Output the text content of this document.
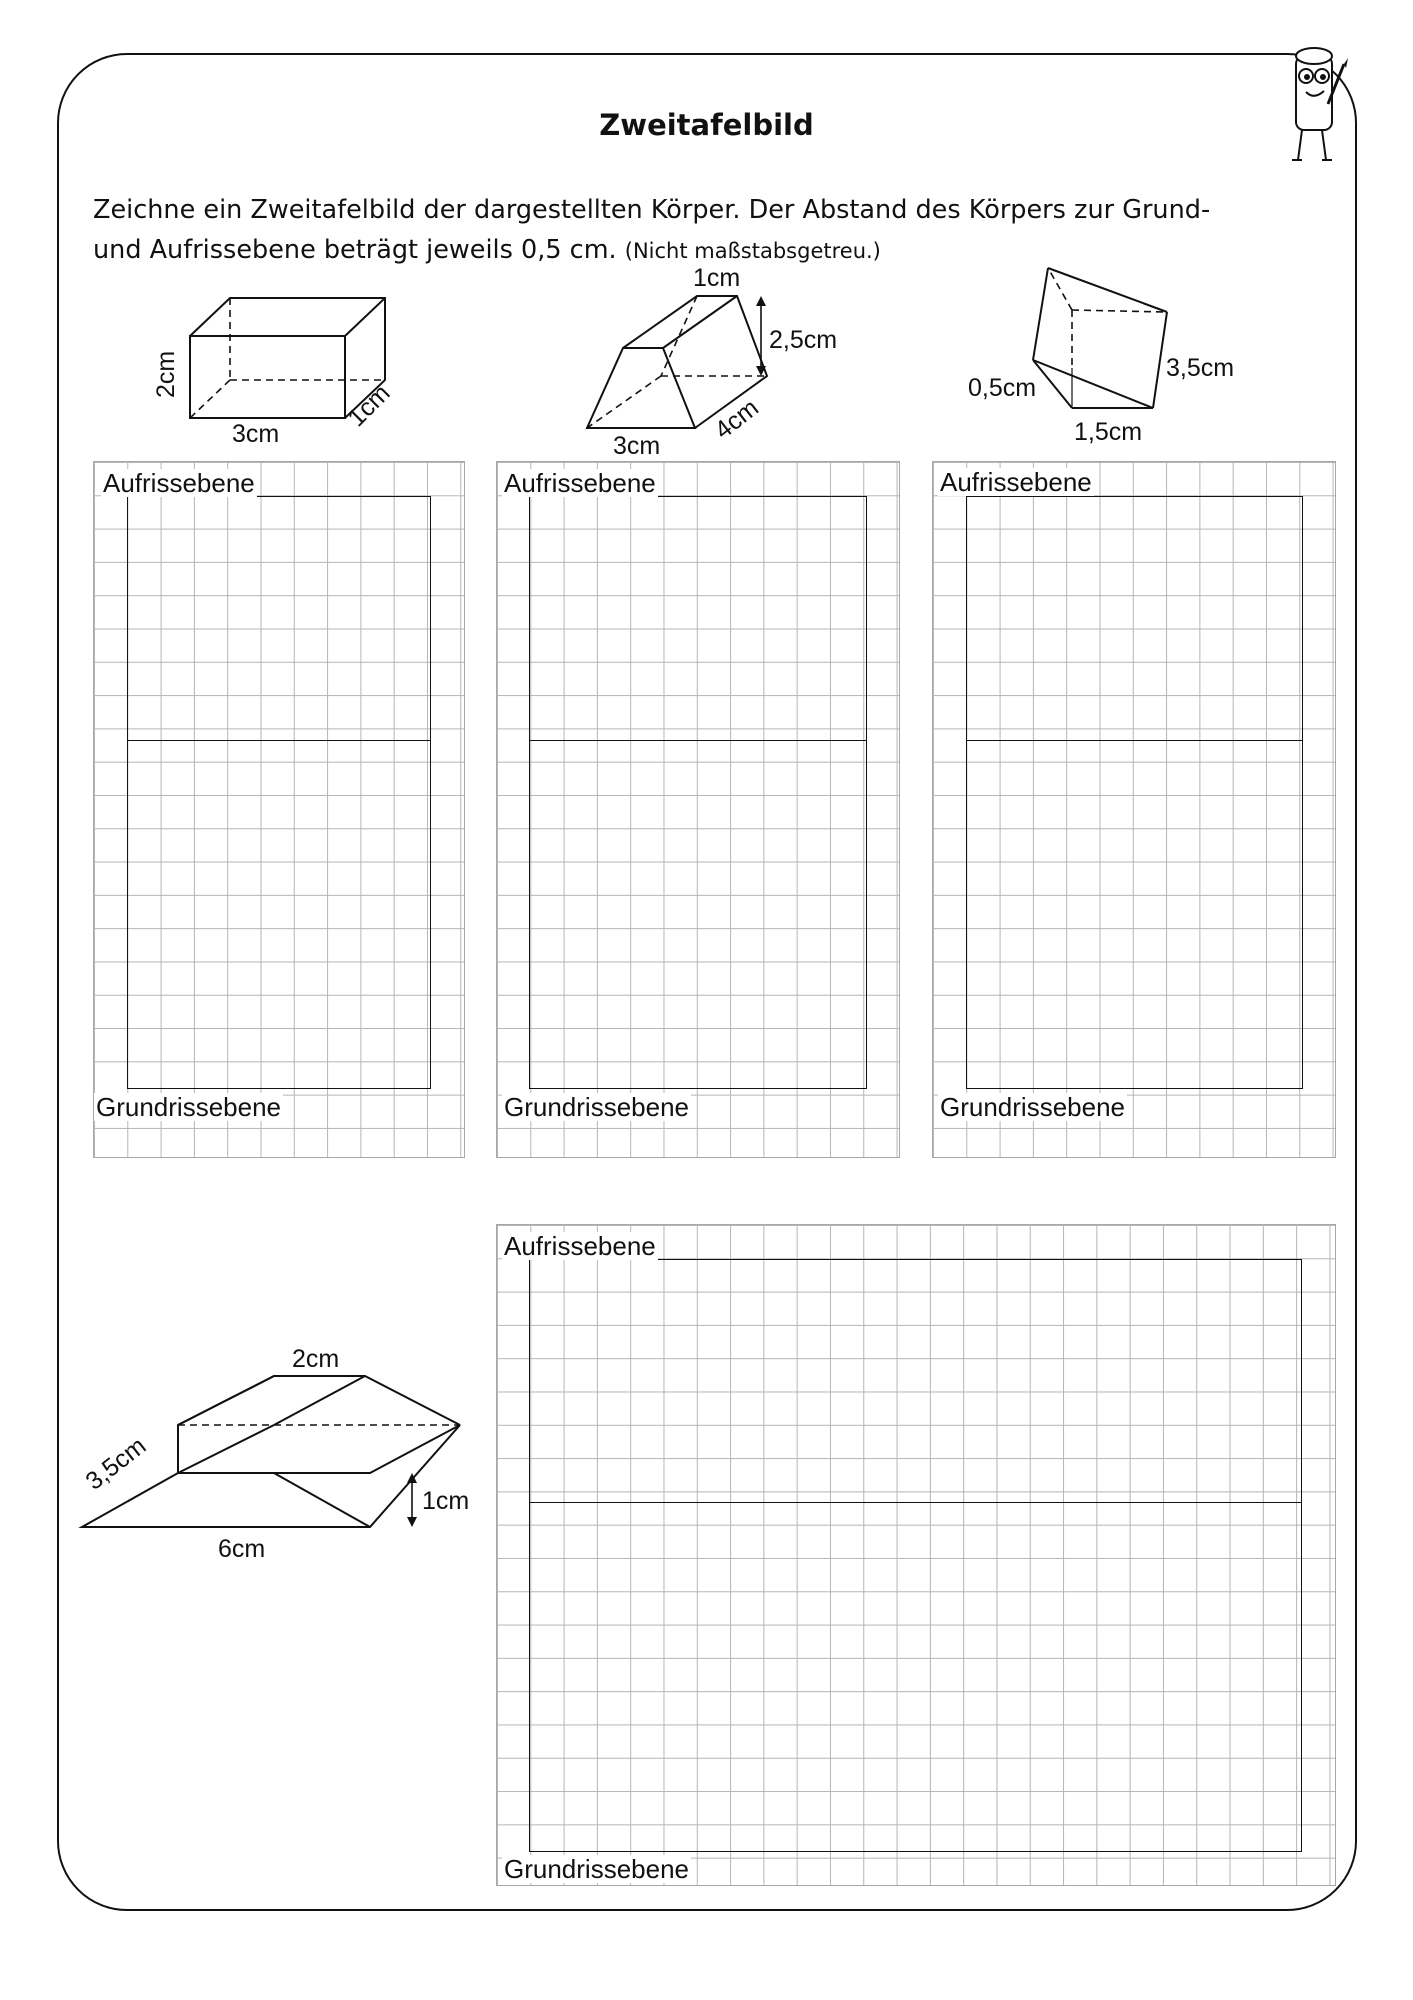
Zweitafelbild
Zeichne ein Zweitafelbild der dargestellten Körper. Der Abstand des Körpers zur Grund-
und Aufrissebene beträgt jeweils 0,5 cm. (Nicht maßstabsgetreu.)
2cm
3cm
1cm
1cm
2,5cm
3cm
4cm
0,5cm
3,5cm
1,5cm
2cm
3,5cm
1cm
6cm
Aufrissebene
Grundrissebene
Aufrissebene
Grundrissebene
Aufrissebene
Grundrissebene
Aufrissebene
Grundrissebene
